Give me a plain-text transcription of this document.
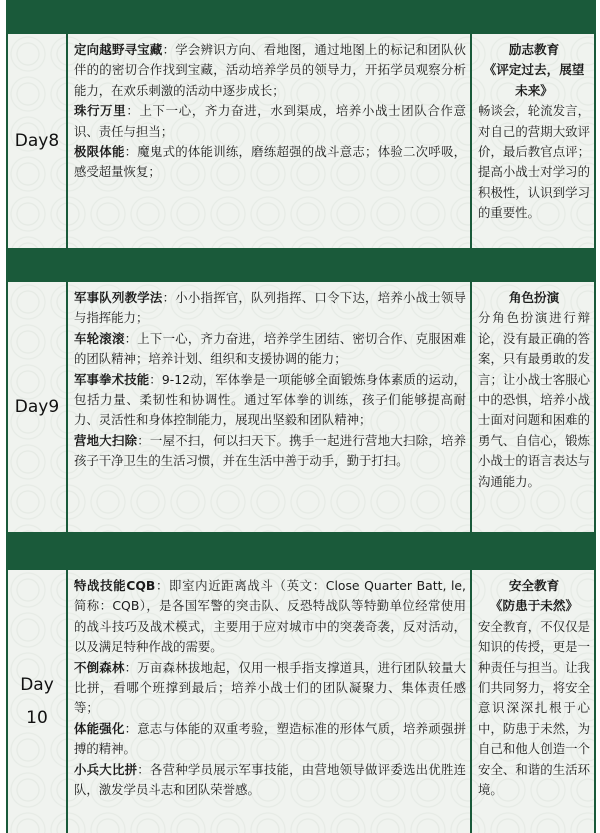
Day8

定向越野寻宝藏：学会辨识方向、看地图，通过地图上的标记和团队伙伴的的密切合作找到宝藏，活动培养学员的领导力，开拓学员观察分析能力，在欢乐刺激的活动中逐步成长；

珠行万里：上下一心，齐力奋进，水到渠成，培养小战士团队合作意识、责任与担当；

极限体能：魔鬼式的体能训练，磨练超强的战斗意志；体验二次呼吸，感受超量恢复；

励志教育
《评定过去，展望未来》
畅谈会，轮流发言，对自己的营期大致评价，最后教官点评；提高小战士对学习的积极性，认识到学习的重要性。
Day9

军事队列教学法：小小指挥官，队列指挥、口令下达，培养小战士领导与指挥能力；

车轮滚滚：上下一心，齐力奋进，培养学生团结、密切合作、克服困难的团队精神；培养计划、组织和支援协调的能力；

军事拳术技能：9-12动，军体拳是一项能够全面锻炼身体素质的运动，包括力量、柔韧性和协调性。通过军体拳的训练，孩子们能够提高耐力、灵活性和身体控制能力，展现出坚毅和团队精神；

营地大扫除：一屋不扫，何以扫天下。携手一起进行营地大扫除，培养孩子干净卫生的生活习惯，并在生活中善于动手，勤于打扫。

角色扮演
分角色扮演进行辩论，没有最正确的答案，只有最勇敢的发言；让小战士客服心中的恐惧，培养小战士面对问题和困难的勇气、自信心，锻炼小战士的语言表达与沟通能力。
Day
10

特战技能CQB：即室内近距离战斗（英文：Close Quarter Batt, le, 简称：CQB），是各国军警的突击队、反恐特战队等特勤单位经常使用的战斗技巧及战术模式，主要用于应对城市中的突袭奇袭，反对活动，以及满足特种作战的需要。

不倒森林：万亩森林拔地起，仅用一根手指支撑道具，进行团队较量大比拼，看哪个班撑到最后；培养小战士们的团队凝聚力、集体责任感等；

体能强化：意志与体能的双重考验，塑造标准的形体气质，培养顽强拼搏的精神。

小兵大比拼：各营种学员展示军事技能，由营地领导做评委选出优胜连队，激发学员斗志和团队荣誉感。

安全教育
《防患于未然》
安全教育，不仅仅是知识的传授，更是一种责任与担当。让我们共同努力，将安全意识深深扎根于心中，防患于未然，为自己和他人创造一个安全、和谐的生活环境。
